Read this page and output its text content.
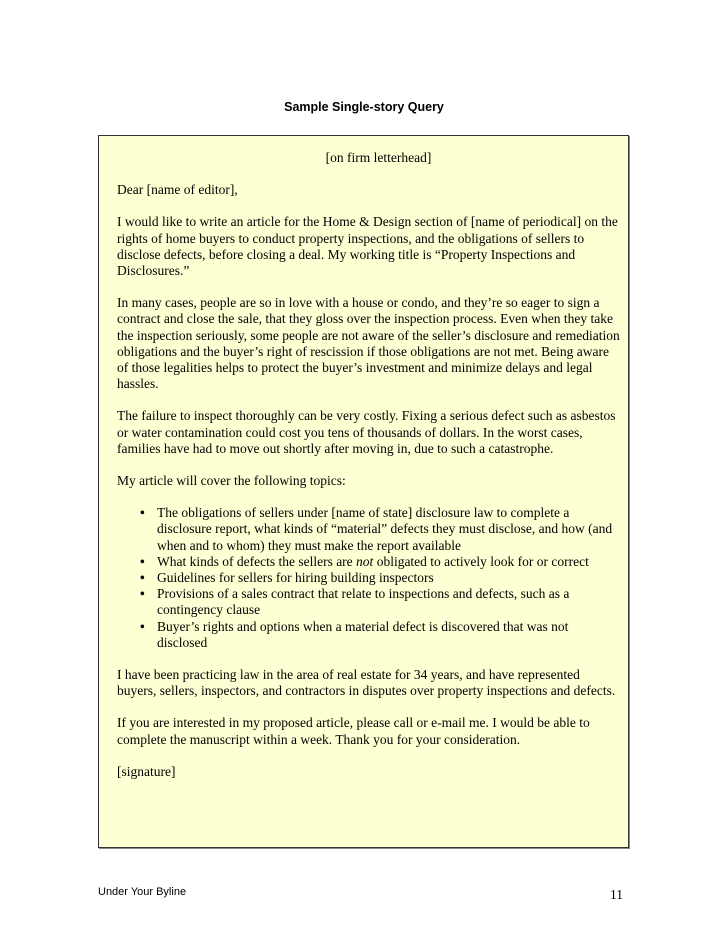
Sample Single-story Query
[on firm letterhead]

Dear [name of editor],

I would like to write an article for the Home & Design section of [name of periodical] on the rights of home buyers to conduct property inspections, and the obligations of sellers to disclose defects, before closing a deal. My working title is “Property Inspections and Disclosures.”

In many cases, people are so in love with a house or condo, and they’re so eager to sign a contract and close the sale, that they gloss over the inspection process. Even when they take the inspection seriously, some people are not aware of the seller’s disclosure and remediation obligations and the buyer’s right of rescission if those obligations are not met. Being aware of those legalities helps to protect the buyer’s investment and minimize delays and legal hassles.

The failure to inspect thoroughly can be very costly. Fixing a serious defect such as asbestos or water contamination could cost you tens of thousands of dollars. In the worst cases, families have had to move out shortly after moving in, due to such a catastrophe.

My article will cover the following topics:

• The obligations of sellers under [name of state] disclosure law to complete a disclosure report, what kinds of “material” defects they must disclose, and how (and when and to whom) they must make the report available
• What kinds of defects the sellers are not obligated to actively look for or correct
• Guidelines for sellers for hiring building inspectors
• Provisions of a sales contract that relate to inspections and defects, such as a contingency clause
• Buyer’s rights and options when a material defect is discovered that was not disclosed

I have been practicing law in the area of real estate for 34 years, and have represented buyers, sellers, inspectors, and contractors in disputes over property inspections and defects.

If you are interested in my proposed article, please call or e-mail me. I would be able to complete the manuscript within a week. Thank you for your consideration.

[signature]

Under Your Byline	11
